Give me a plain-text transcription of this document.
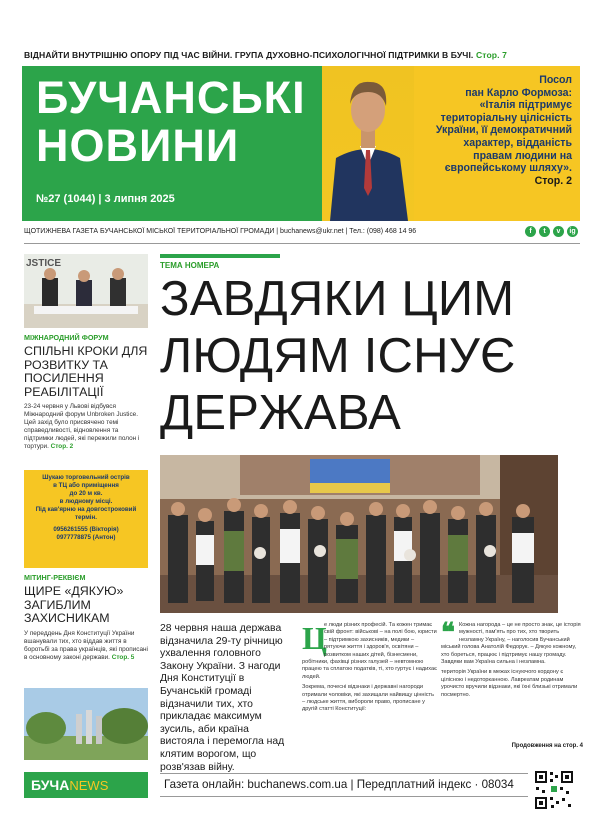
ВІДНАЙТИ ВНУТРІШНЮ ОПОРУ ПІД ЧАС ВІЙНИ. ГРУПА ДУХОВНО-ПСИХОЛОГІЧНОЇ ПІДТРИМКИ В БУЧІ. Стор. 7
БУЧАНСЬКІ
НОВИНИ
№27 (1044) | 3 липня 2025
Посол
пан Карло Формоза:
«Італія підтримує
територіальну цілісність
України, її демократичний
характер, відданість
правам людини на
європейському шляху».
Стор. 2
ЩОТИЖНЕВА ГАЗЕТА БУЧАНСЬКОЇ МІСЬКОЇ ТЕРИТОРІАЛЬНОЇ ГРОМАДИ | buchanews@ukr.net | Тел.: (098) 468 14 96	f	t	v	ig
JSTICE
МІЖНАРОДНИЙ ФОРУМ
СПІЛЬНІ КРОКИ ДЛЯ РОЗВИТКУ ТА ПОСИЛЕННЯ РЕАБІЛІТАЦІЇ
23-24 червня у Львові відбувся Міжнародний форум Unbroken Justice. Цей захід було присвячено темі справедливості, відновлення та підтримки людей, які пережили полон і тортури. Стор. 2
Шукаю торговельний острів
в ТЦ або приміщення
до 20 м кв.
в людному місці.
Під кав'ярню на довгостроковий
термін.
0956261555 (Вікторія)
0977778875 (Антон)
МІТИНГ-РЕКВІЄМ
ЩИРЕ «ДЯКУЮ» ЗАГИБЛИМ ЗАХИСНИКАМ
У переддень Дня Конституції України вшанували тих, хто віддав життя в боротьбі за права українців, які прописані в основному законі держави. Стор. 5
ТЕМА НОМЕРА
ЗАВДЯКИ ЦИМ
ЛЮДЯМ ІСНУЄ
ДЕРЖАВА
28 червня наша держава відзначила 29-ту річницю ухвалення головного Закону України. З нагоди Дня Конституції в Бучанській громаді відзначили тих, хто прикладає максимум зусиль, аби країна вистояла і перемогла над клятим ворогом, що розв'язав війну.
Ц
е люди різних професій. Та кожен тримає свій фронт: військові – на полі бою, юристи – підтримкою захисників, медики – рятуючи життя і здоров'я, освітяни – розвитком наших дітей, бізнесмени, робітники, фахівці різних галузей – невтомною працею та сплатою податків, ті, хто гуртує і надихає людей.
Зокрема, почесні відзнаки і державні нагороди отримали чоловіки, які захищали найвищу цінність – людське життя, вибороли право, прописане у другій статті Конституції:
❝ Кожна нагорода – це не просто знак, це історія мужності, пам'ять про тих, хто творить незламну Україну, – наголосив Бучанський міський голова Анатолій Федорук. – Дякую кожному, хто бореться, працює і підтримує нашу громаду. Завдяки вам Україна сильна і незламна.
територія України в межах існуючого кордону є цілісною і недоторканною. Лавреатам родинам урочисто вручили відзнаки, які їхні близькі отримали посмертно.
Продовження на стор. 4
БУЧАNEWS	Газета онлайн: buchanews.com.ua | Передплатний індекс · 08034
